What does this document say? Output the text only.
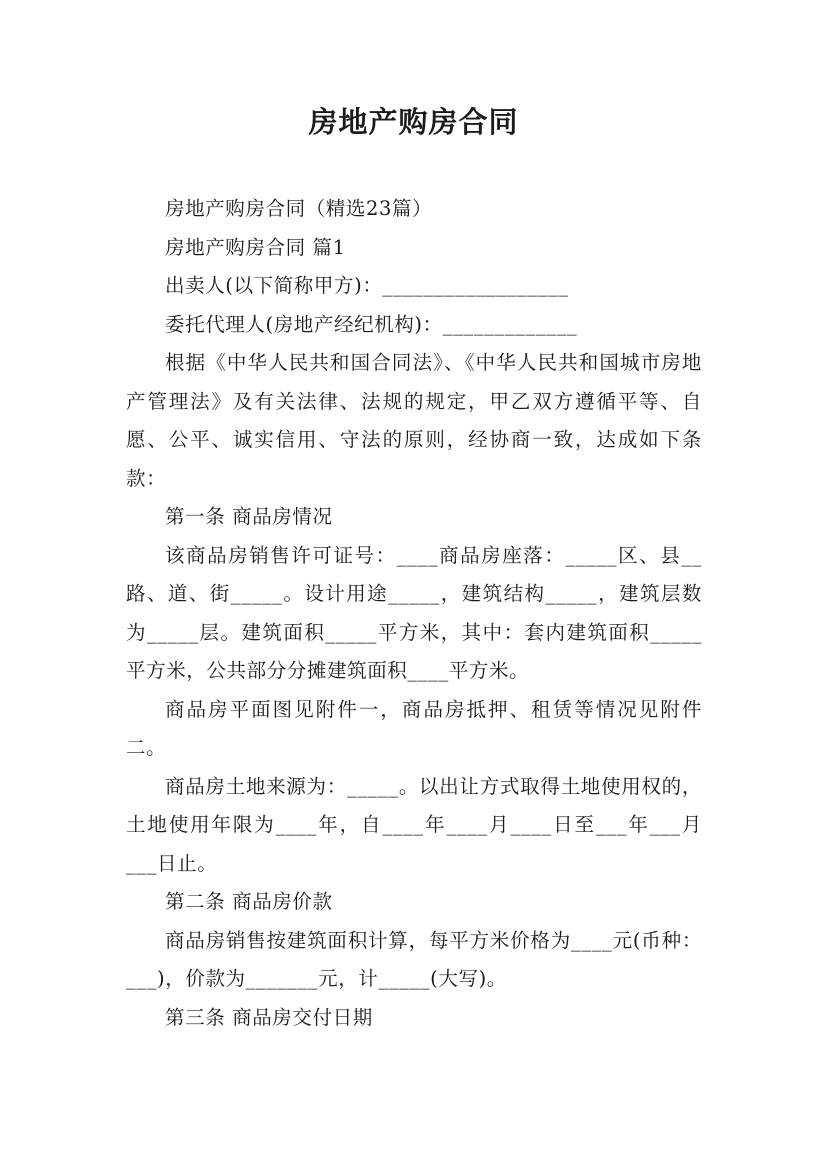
房地产购房合同

房地产购房合同（精选23篇）

房地产购房合同 篇1

出卖人(以下简称甲方)：__________________

委托代理人(房地产经纪机构)：_____________

根据《中华人民共和国合同法》、《中华人民共和国城市房地产管理法》及有关法律、法规的规定，甲乙双方遵循平等、自愿、公平、诚实信用、守法的原则，经协商一致，达成如下条款：

第一条 商品房情况

该商品房销售许可证号：____商品房座落：_____区、县__路、道、街_____。设计用途_____，建筑结构_____，建筑层数为_____层。建筑面积_____平方米，其中：套内建筑面积_____平方米，公共部分分摊建筑面积____平方米。

商品房平面图见附件一，商品房抵押、租赁等情况见附件二。

商品房土地来源为：_____。以出让方式取得土地使用权的，土地使用年限为____年，自____年____月____日至___年___月___日止。

第二条 商品房价款

商品房销售按建筑面积计算，每平方米价格为____元(币种：___)，价款为_______元，计_____(大写)。

第三条 商品房交付日期
